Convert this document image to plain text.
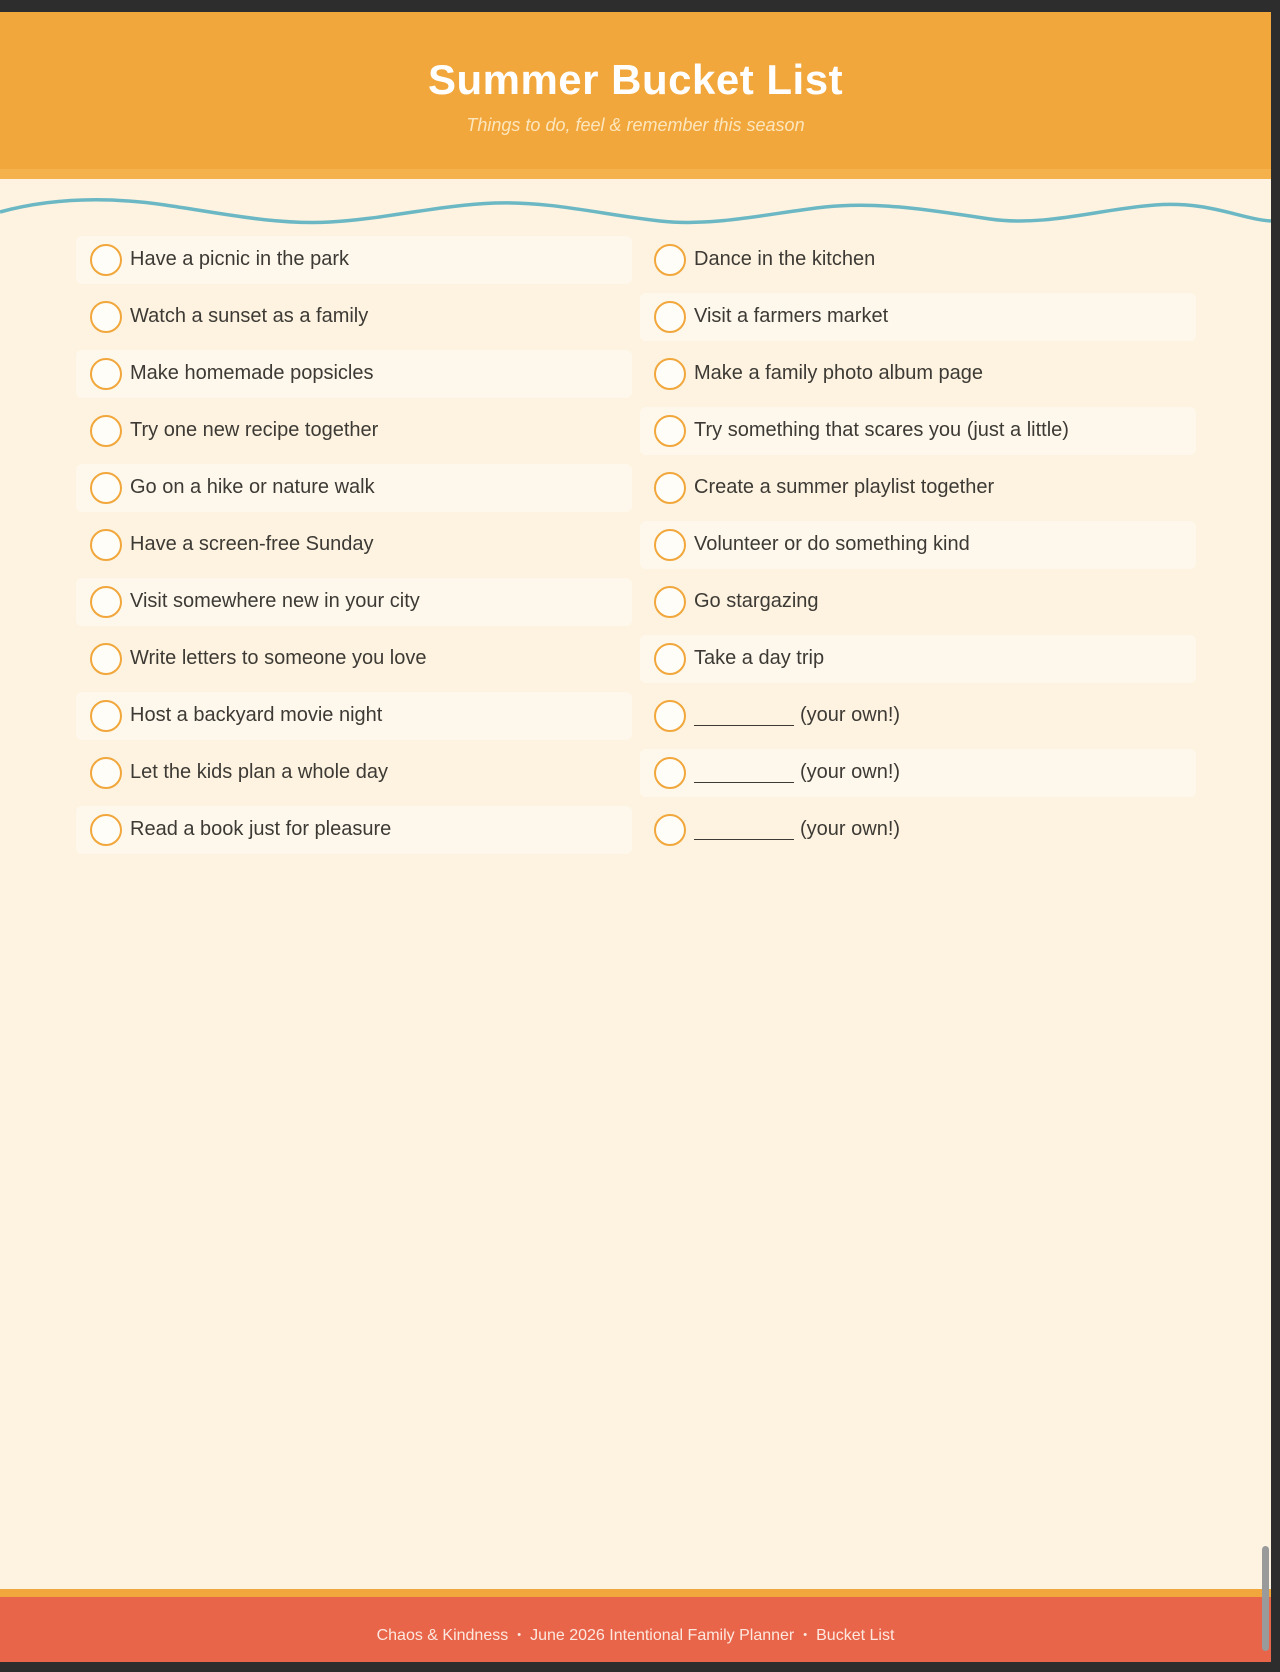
Summer Bucket List
Things to do, feel & remember this season
Have a picnic in the park
Watch a sunset as a family
Make homemade popsicles
Try one new recipe together
Go on a hike or nature walk
Have a screen-free Sunday
Visit somewhere new in your city
Write letters to someone you love
Host a backyard movie night
Let the kids plan a whole day
Read a book just for pleasure
Dance in the kitchen
Visit a farmers market
Make a family photo album page
Try something that scares you (just a little)
Create a summer playlist together
Volunteer or do something kind
Go stargazing
Take a day trip
(your own!)
(your own!)
(your own!)
Chaos & Kindness • June 2026 Intentional Family Planner • Bucket List
